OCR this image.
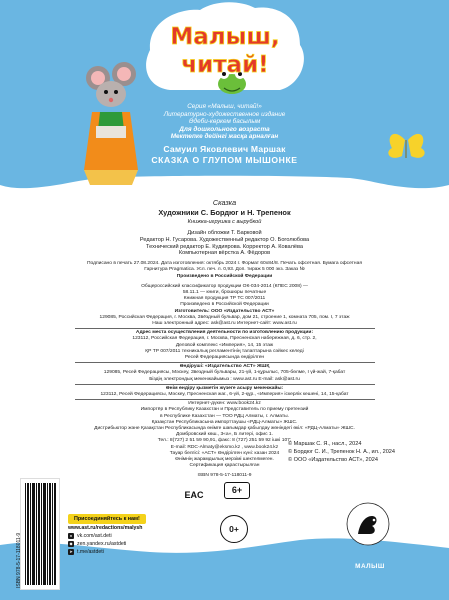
Малыш,
читай!
Серия «Малыш, читай!»
Литературно-художественное издание
Әдеби-көркем басылым
Для дошкольного возраста
Мектепке дейінгі жасқа арналған
Самуил Яковлевич Маршак
СКАЗКА О ГЛУПОМ МЫШОНКЕ
Сказка
Художники С. Бордюг и Н. Трепенок
Книжка-игрушка с вырубкой
Дизайн обложки Т. Барковой
Редактор Н. Гусарова. Художественный редактор О. Боголюбова
Технический редактор Е. Кудиярова. Корректор А. Ковалёва
Компьютерная вёрстка А. Фёдоров
Подписано в печать 27.08.2024. Дата изготовления: октябрь 2024 г. Формат 60х84/8. Печать офсетная. Бумага офсетная
Гарнитура Pragmatica. Усл. печ. л. 0,93. Доп. тираж 5 000 экз. Заказ №
Произведено в Российской Федерации
Общероссийский классификатор продукции ОК-034-2014 (КПЕС 2008) —
58.11.1 — книги, брошюры печатные
Книжная продукция ТР ТС 007/2011
Произведено в Российской Федерации
Изготовитель: ООО «Издательство АСТ»
129085, Российская Федерация, г. Москва, Звёздный бульвар, дом 21, строение 1, комната 705, пом. I, 7 этаж
Наш электронный адрес: ask@ast.ru Интернет-сайт: www.ast.ru
Адрес места осуществления деятельности по изготовлению продукции:
123112, Российская Федерация, г. Москва, Пресненская набережная, д. 6, стр. 2,
Деловой комплекс «Империя», 14, 15 этаж
ҚР ТР 007/2011 техникалық регламентінің талаптарына сәйкес келеді
Ресей Федерациясында өндірілген
Өндіруші: «Издательство АСТ» ЖШҚ
129085, Ресей Федерациясы, Мәскеу, Звездный бульвары, 21-үй, 1-құрылыс, 705-бөлме, I үй-жай, 7-қабат
Біздің электрондық мекенжайымыз : www.ast.ru E-mail: ask@ast.ru
Өнім өндіру қызметін жүзеге асыру мекенжайы:
123112, Ресей Федерациясы, Мәскеу, Пресненская жаг., 6-үй, 2-құр., «Империя» іскерлік кешені, 14, 15-қабат
Интернет-дүкен: www.book24.kz
Импортёр в Республику Казахстан и Представитель по приему претензий
в Республике Казахстан — ТОО РДЦ Алматы, г. Алматы.
Қазақстан Республикасына импорттаушы «РДЦ-Алматы» ЖШС.
Дистрибьютор және Қазақстан Республикасында өнімге шағымдар қабылдау жөніндегі өкіл: «РДЦ-Алматы» ЖШС.
Домбровский көш., 3«а», Б литері, офис 1.
Тел.: 8(727) 2 51 59 90,91, факс: 8 (727) 251 59 92 ішкі 107;
E-mail: RDC-Almaty@eksmo.kz , www.book24.kz
Тауар белгісі: «АСТ» Өндірілген күні: казан 2024
Өнімнің жарамдылық мерзімі шектелмеген.
Сертификация қарастырылған
ISBN 978-5-17-118011-9
ISBN 978-5-17-118011-9
Присоединяйтесь к нам!
www.ast.ru/redactions/malysh
в vk.com/ast.deti
◆ zen.yandex.ru/astdeti
➤ t.me/astdeti
EAC	6+
0+
© Маршак С. Я., насл., 2024
© Бордюг С. И., Трепенок Н. А., ил., 2024
© ООО «Издательство АСТ», 2024
МАЛЫШ
